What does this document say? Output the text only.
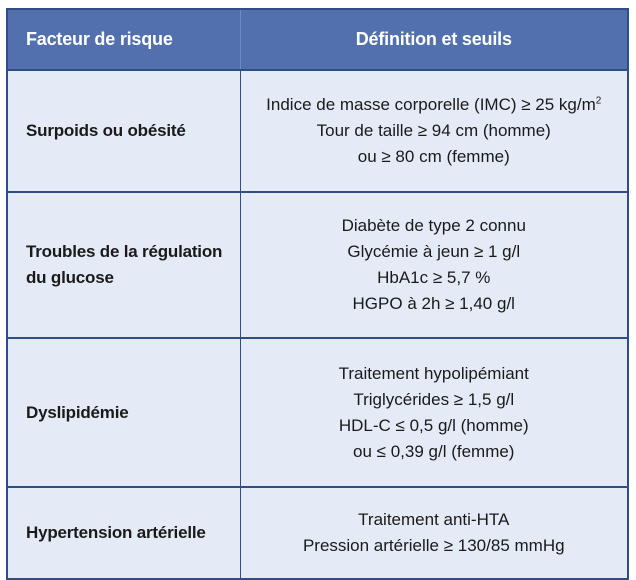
Facteur de risque	Définition et seuils
Surpoids ou obésité	Indice de masse corporelle (IMC) ≥ 25 $kg/m^2$
Tour de taille ≥ 94 cm (homme)
ou ≥ 80 cm (femme)

Troubles de la régulation
du glucose	Diabète de type 2 connu
Glycémie à jeun ≥ 1 g/l
HbA1c ≥ 5,7 %
HGPO à 2h ≥ 1,40 g/l

Dyslipidémie	Traitement hypolipémiant
Triglycérides ≥ 1,5 g/l
HDL-C ≤ 0,5 g/l (homme)
ou ≤ 0,39 g/l (femme)

Hypertension artérielle	Traitement anti-HTA
Pression artérielle ≥ 130/85 mmHg
